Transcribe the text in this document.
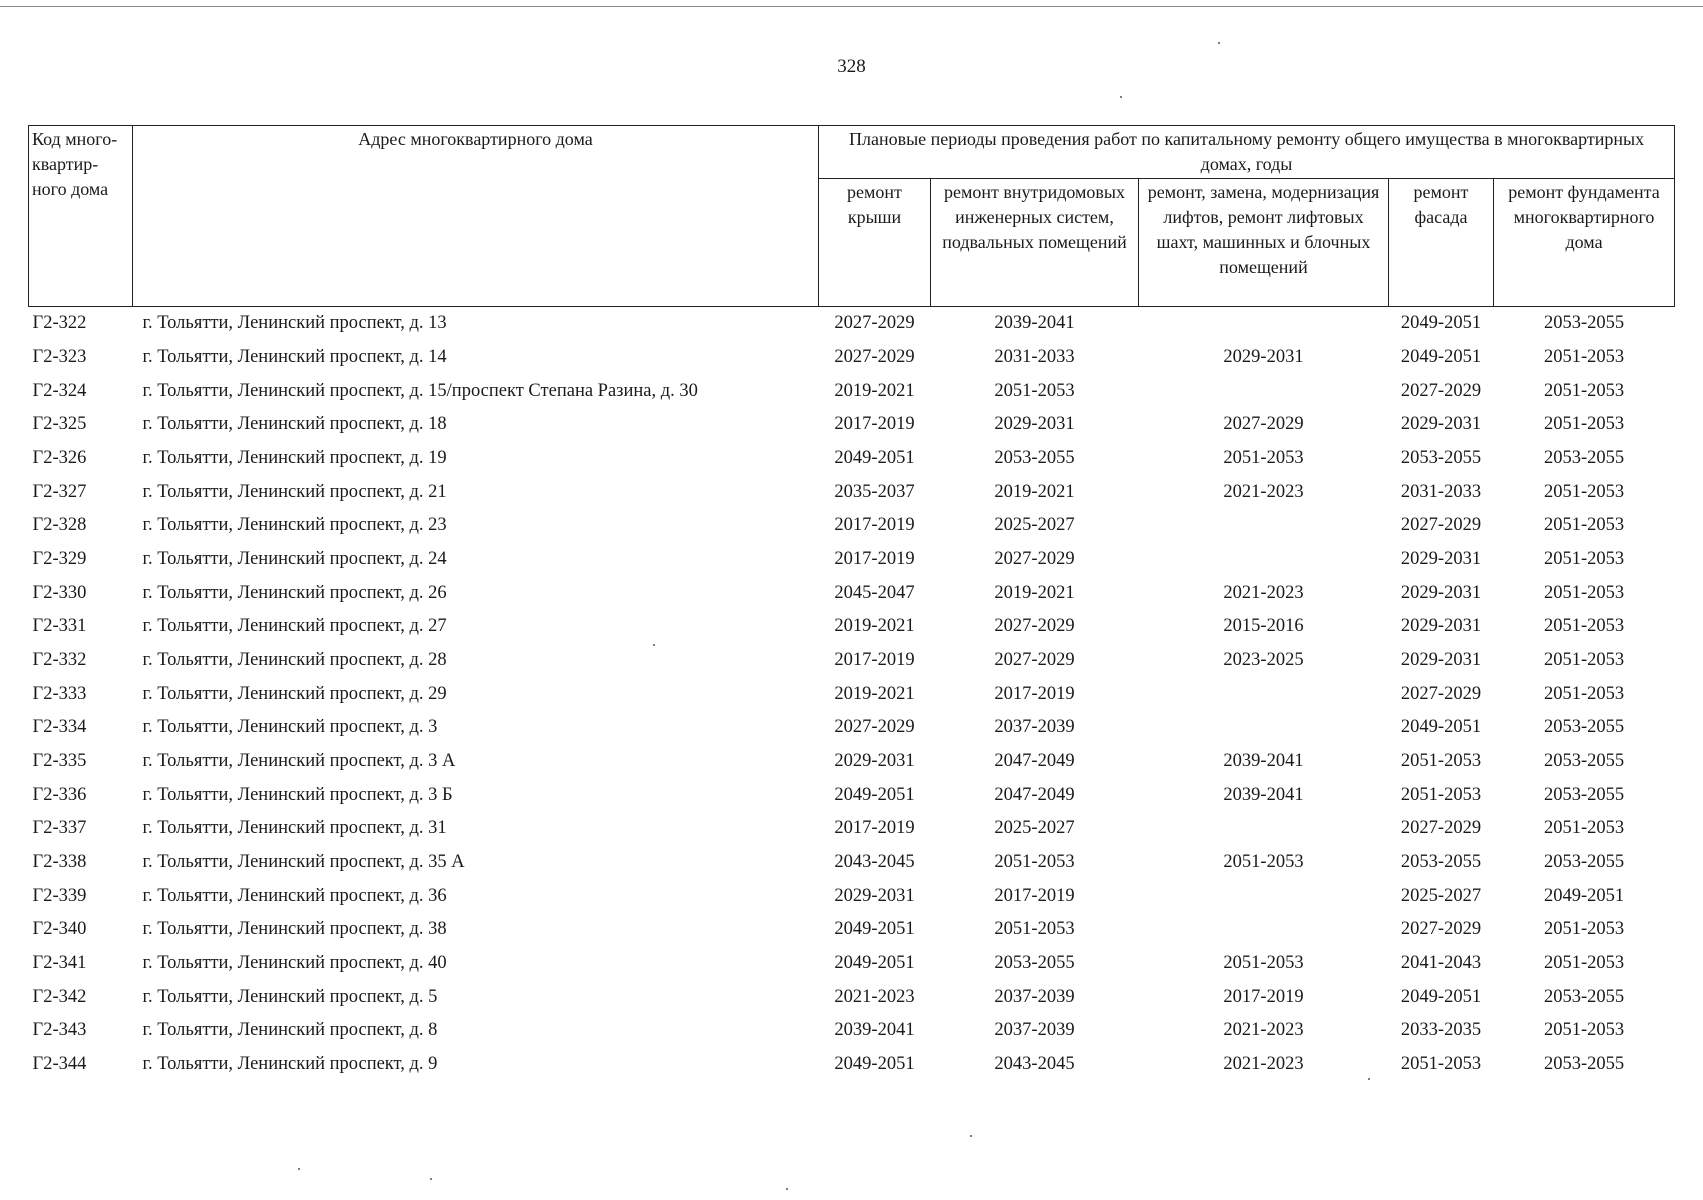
328
Код много-квартир-ного дома	Адрес многоквартирного дома	Плановые периоды проведения работ по капитальному ремонту общего имущества в многоквартирных домах, годы				
		ремонт крыши	ремонт внутридомовых инженерных систем, подвальных помещений	ремонт, замена, модернизация лифтов, ремонт лифтовых шахт, машинных и блочных помещений	ремонт фасада	ремонт фундамента многоквартирного дома
Г2-322	г. Тольятти, Ленинский проспект, д. 13	2027-2029	2039-2041		2049-2051	2053-2055
Г2-323	г. Тольятти, Ленинский проспект, д. 14	2027-2029	2031-2033	2029-2031	2049-2051	2051-2053
Г2-324	г. Тольятти, Ленинский проспект, д. 15/проспект Степана Разина, д. 30	2019-2021	2051-2053		2027-2029	2051-2053
Г2-325	г. Тольятти, Ленинский проспект, д. 18	2017-2019	2029-2031	2027-2029	2029-2031	2051-2053
Г2-326	г. Тольятти, Ленинский проспект, д. 19	2049-2051	2053-2055	2051-2053	2053-2055	2053-2055
Г2-327	г. Тольятти, Ленинский проспект, д. 21	2035-2037	2019-2021	2021-2023	2031-2033	2051-2053
Г2-328	г. Тольятти, Ленинский проспект, д. 23	2017-2019	2025-2027		2027-2029	2051-2053
Г2-329	г. Тольятти, Ленинский проспект, д. 24	2017-2019	2027-2029		2029-2031	2051-2053
Г2-330	г. Тольятти, Ленинский проспект, д. 26	2045-2047	2019-2021	2021-2023	2029-2031	2051-2053
Г2-331	г. Тольятти, Ленинский проспект, д. 27	2019-2021	2027-2029	2015-2016	2029-2031	2051-2053
Г2-332	г. Тольятти, Ленинский проспект, д. 28	2017-2019	2027-2029	2023-2025	2029-2031	2051-2053
Г2-333	г. Тольятти, Ленинский проспект, д. 29	2019-2021	2017-2019		2027-2029	2051-2053
Г2-334	г. Тольятти, Ленинский проспект, д. 3	2027-2029	2037-2039		2049-2051	2053-2055
Г2-335	г. Тольятти, Ленинский проспект, д. 3 А	2029-2031	2047-2049	2039-2041	2051-2053	2053-2055
Г2-336	г. Тольятти, Ленинский проспект, д. 3 Б	2049-2051	2047-2049	2039-2041	2051-2053	2053-2055
Г2-337	г. Тольятти, Ленинский проспект, д. 31	2017-2019	2025-2027		2027-2029	2051-2053
Г2-338	г. Тольятти, Ленинский проспект, д. 35 А	2043-2045	2051-2053	2051-2053	2053-2055	2053-2055
Г2-339	г. Тольятти, Ленинский проспект, д. 36	2029-2031	2017-2019		2025-2027	2049-2051
Г2-340	г. Тольятти, Ленинский проспект, д. 38	2049-2051	2051-2053		2027-2029	2051-2053
Г2-341	г. Тольятти, Ленинский проспект, д. 40	2049-2051	2053-2055	2051-2053	2041-2043	2051-2053
Г2-342	г. Тольятти, Ленинский проспект, д. 5	2021-2023	2037-2039	2017-2019	2049-2051	2053-2055
Г2-343	г. Тольятти, Ленинский проспект, д. 8	2039-2041	2037-2039	2021-2023	2033-2035	2051-2053
Г2-344	г. Тольятти, Ленинский проспект, д. 9	2049-2051	2043-2045	2021-2023	2051-2053	2053-2055
